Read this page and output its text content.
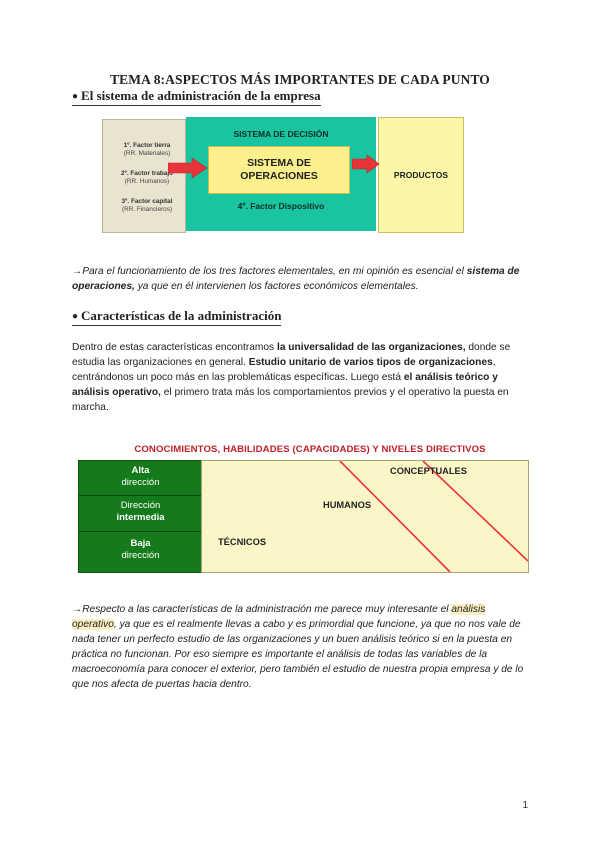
TEMA 8:ASPECTOS MÁS IMPORTANTES DE CADA PUNTO
● El sistema de administración de la empresa
1º. Factor tierra
(RR. Materiales)
2º. Factor trabajo
(RR. Humanos)
3º. Factor capital
(RR. Financieros)
SISTEMA DE DECISIÓN
4º. Factor Dispositivo
SISTEMA DE
OPERACIONES	PRODUCTOS
→Para el funcionamiento de los tres factores elementales, en mi opinión es esencial el sistema de operaciones, ya que en él intervienen los factores económicos elementales.
● Características de la administración
Dentro de estas características encontramos la universalidad de las organizaciones, donde se estudia las organizaciones en general. Estudio unitario de varios tipos de organizaciones, centrándonos un poco más en las problemáticas específicas. Luego está el análisis teórico y análisis operativo, el primero trata más los comportamientos previos y el operativo la puesta en marcha.
CONOCIMIENTOS, HABILIDADES (CAPACIDADES) Y NIVELES DIRECTIVOS
Alta
dirección
Dirección
intermedia
Baja
dirección
CONCEPTUALES
HUMANOS
TÉCNICOS
→Respecto a las características de la administración me parece muy interesante el análisis operativo, ya que es el realmente llevas a cabo y es primordial que funcione, ya que no nos vale de nada tener un perfecto estudio de las organizaciones y un buen análisis teórico si en la puesta en práctica no funcionan. Por eso siempre es importante el análisis de todas las variables de la macroeconomía para conocer el exterior, pero también el estudio de nuestra propia empresa y de lo que nos afecta de puertas hacia dentro.
1
